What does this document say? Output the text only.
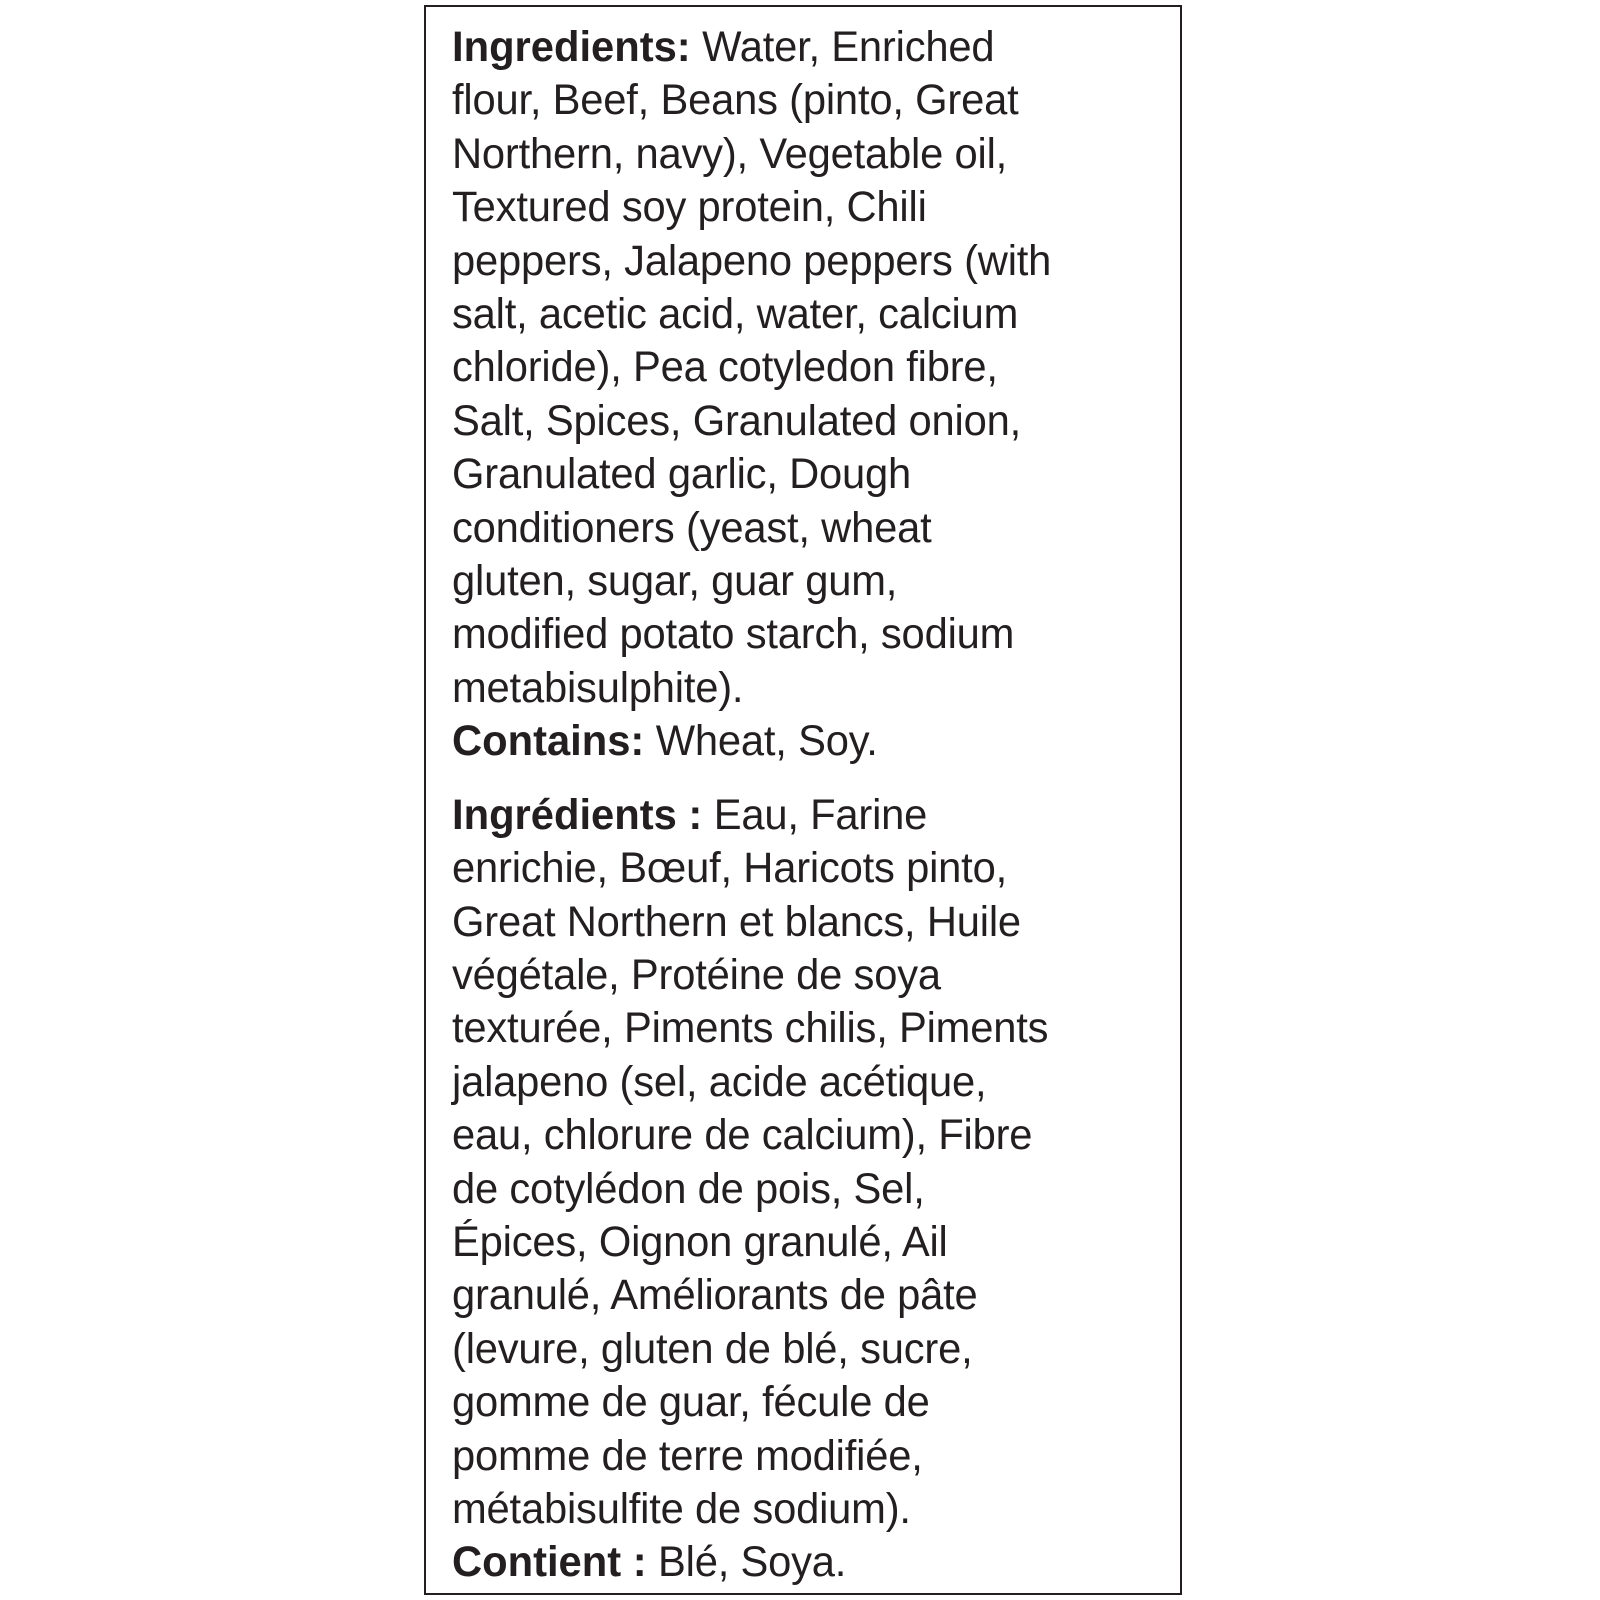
Ingredients: Water, Enriched flour, Beef, Beans (pinto, Great Northern, navy), Vegetable oil, Textured soy protein, Chili peppers, Jalapeno peppers (with salt, acetic acid, water, calcium chloride), Pea cotyledon fibre, Salt, Spices, Granulated onion, Granulated garlic, Dough conditioners (yeast, wheat gluten, sugar, guar gum, modified potato starch, sodium metabisulphite).

Contains: Wheat, Soy.

Ingrédients : Eau, Farine enrichie, Bœuf, Haricots pinto, Great Northern et blancs, Huile végétale, Protéine de soya texturée, Piments chilis, Piments jalapeno (sel, acide acétique, eau, chlorure de calcium), Fibre de cotylédon de pois, Sel, Épices, Oignon granulé, Ail granulé, Améliorants de pâte (levure, gluten de blé, sucre, gomme de guar, fécule de pomme de terre modifiée, métabisulfite de sodium).

Contient : Blé, Soya.
